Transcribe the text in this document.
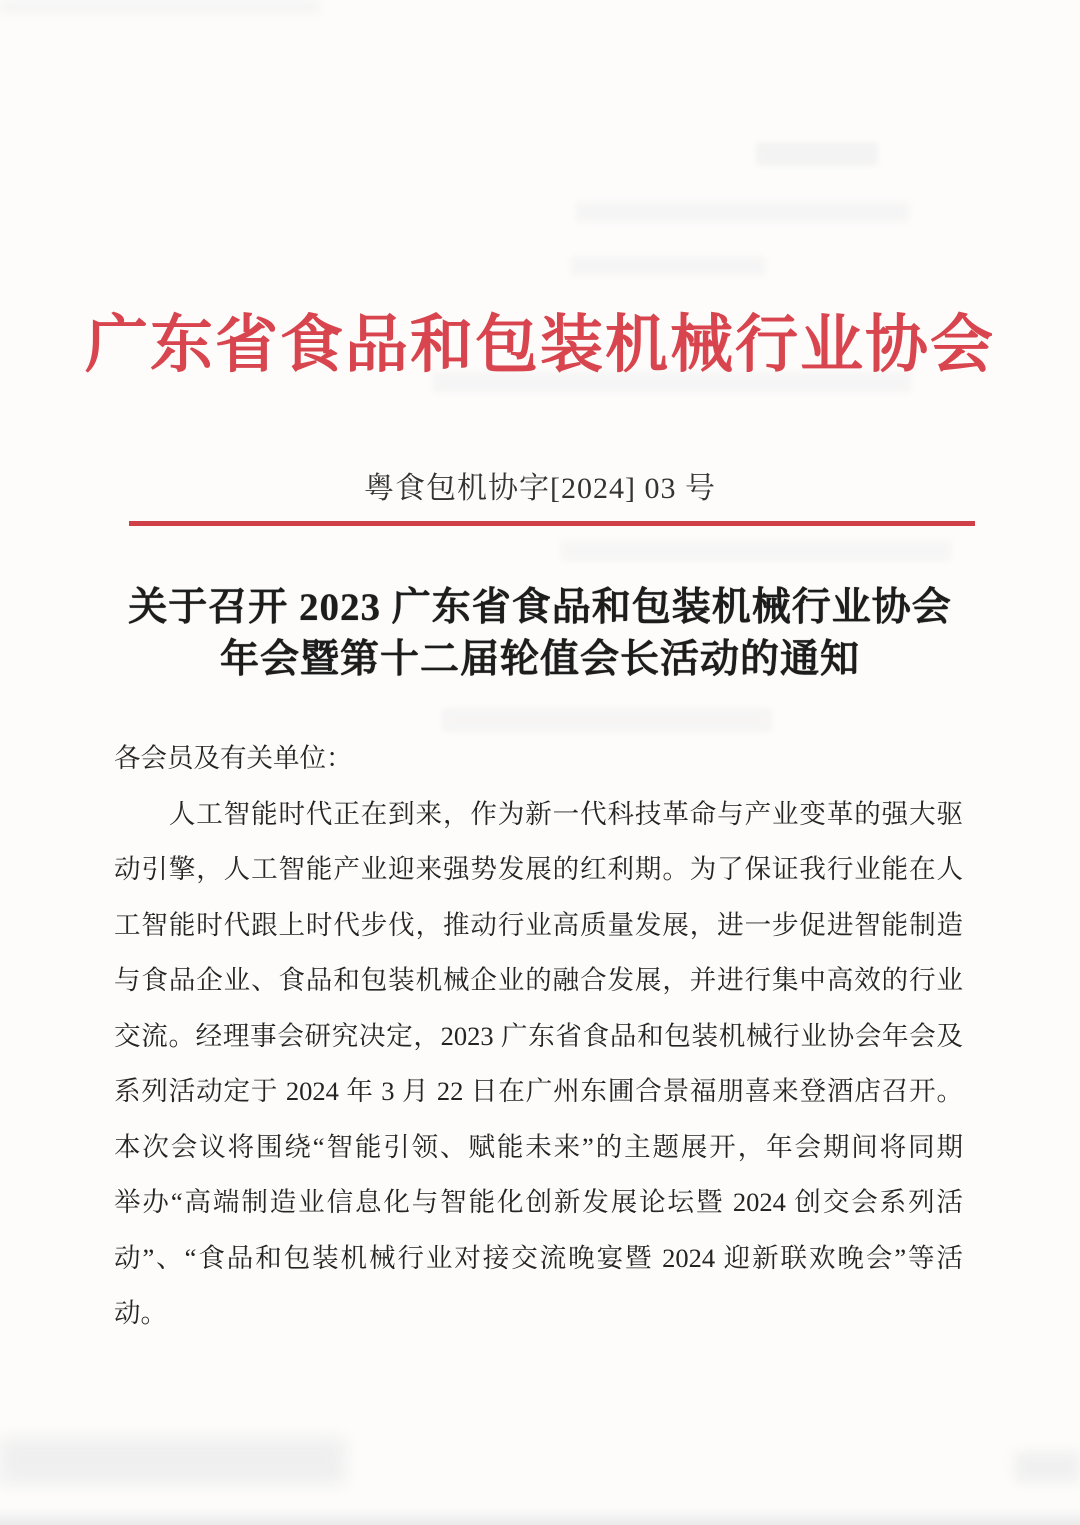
广东省食品和包装机械行业协会
粤食包机协字[2024] 03 号
关于召开 2023 广东省食品和包装机械行业协会
年会暨第十二届轮值会长活动的通知
各会员及有关单位：
　　人工智能时代正在到来，作为新一代科技革命与产业变革的强大驱
动引擎，人工智能产业迎来强势发展的红利期。为了保证我行业能在人
工智能时代跟上时代步伐，推动行业高质量发展，进一步促进智能制造
与食品企业、食品和包装机械企业的融合发展，并进行集中高效的行业
交流。经理事会研究决定，2023 广东省食品和包装机械行业协会年会及
系列活动定于 2024 年 3 月 22 日在广州东圃合景福朋喜来登酒店召开。
本次会议将围绕“智能引领、赋能未来”的主题展开，年会期间将同期
举办“高端制造业信息化与智能化创新发展论坛暨 2024 创交会系列活
动”、“食品和包装机械行业对接交流晚宴暨 2024 迎新联欢晚会”等活
动。
